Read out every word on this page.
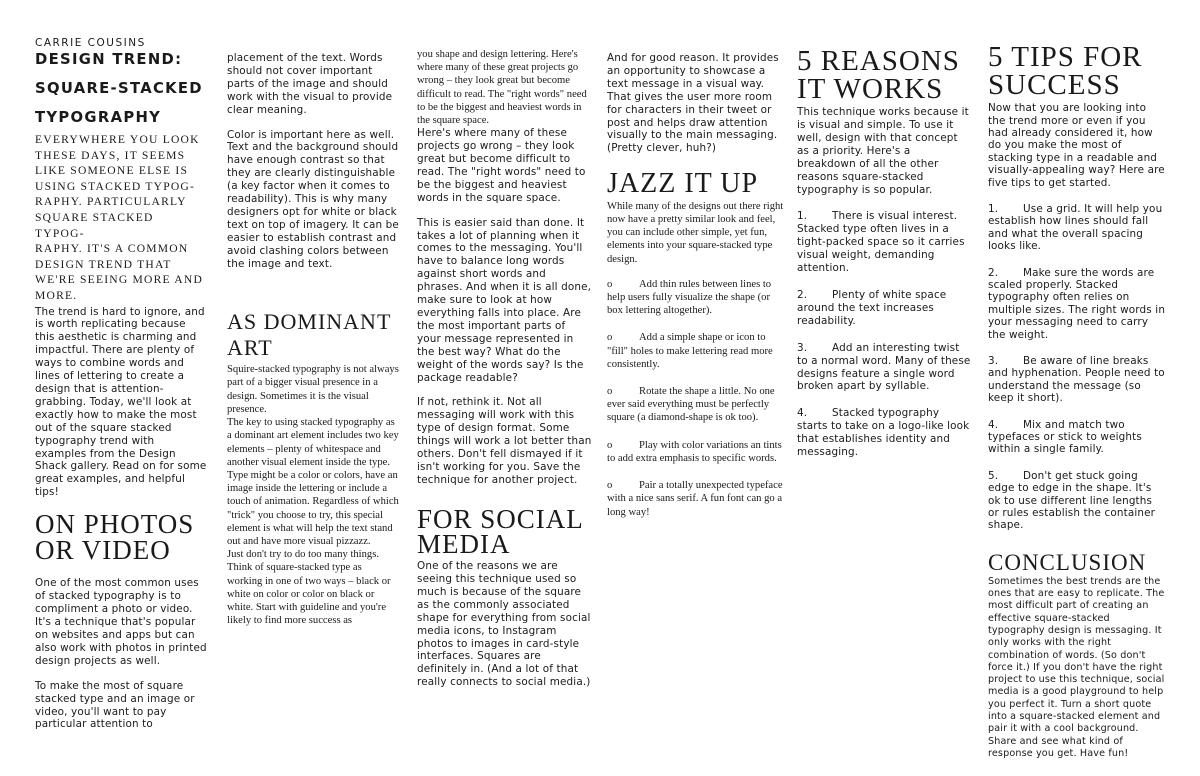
CARRIE COUSINS

DESIGN TREND:

SQUARE-STACKED

TYPOGRAPHY

EVERYWHERE YOU LOOK
THESE DAYS, IT SEEMS
LIKE SOMEONE ELSE IS
USING STACKED TYPOG-
RAPHY. PARTICULARLY
SQUARE STACKED TYPOG-
RAPHY. IT'S A COMMON
DESIGN TREND THAT
WE'RE SEEING MORE AND
MORE.

The trend is hard to ignore, and is worth replicating because this aesthetic is charming and impactful. There are plenty of ways to combine words and lines of lettering to create a design that is attention-grabbing. Today, we'll look at exactly how to make the most out of the square stacked typography trend with examples from the Design Shack gallery. Read on for some great examples, and helpful tips!

ON PHOTOS OR VIDEO

One of the most common uses of stacked typography is to compliment a photo or video. It's a technique that's popular on websites and apps but can also work with photos in printed design projects as well.

To make the most of square stacked type and an image or video, you'll want to pay particular attention to

placement of the text. Words should not cover important parts of the image and should work with the visual to provide clear meaning.

Color is important here as well. Text and the background should have enough contrast so that they are clearly distinguishable (a key factor when it comes to readability). This is why many designers opt for white or black text on top of imagery. It can be easier to establish contrast and avoid clashing colors between the image and text.

AS DOMINANT ART

Squire-stacked typography is not always part of a bigger visual presence in a design. Sometimes it is the visual presence.

The key to using stacked typography as a dominant art element includes two key elements – plenty of whitespace and another visual element inside the type. Type might be a color or colors, have an image inside the lettering or include a touch of animation. Regardless of which "trick" you choose to try, this special element is what will help the text stand out and have more visual pizzazz.

Just don't try to do too many things. Think of square-stacked type as working in one of two ways – black or white on color or color on black or white. Start with guideline and you're likely to find more success as

you shape and design lettering. Here's where many of these great projects go wrong – they look great but become difficult to read. The "right words" need to be the biggest and heaviest words in the square space.

Here's where many of these projects go wrong – they look great but become difficult to read. The "right words" need to be the biggest and heaviest words in the square space.

This is easier said than done. It takes a lot of planning when it comes to the messaging. You'll have to balance long words against short words and phrases. And when it is all done, make sure to look at how everything falls into place. Are the most important parts of your message represented in the best way? What do the weight of the words say? Is the package readable?

If not, rethink it. Not all messaging will work with this type of design format. Some things will work a lot better than others. Don't fell dismayed if it isn't working for you. Save the technique for another project.

FOR SOCIAL MEDIA

One of the reasons we are seeing this technique used so much is because of the square as the commonly associated shape for everything from social media icons, to Instagram photos to images in card-style interfaces. Squares are definitely in. (And a lot of that really connects to social media.)

And for good reason. It provides an opportunity to showcase a text message in a visual way. That gives the user more room for characters in their tweet or post and helps draw attention visually to the main messaging. (Pretty clever, huh?)

JAZZ IT UP

While many of the designs out there right now have a pretty similar look and feel, you can include other simple, yet fun, elements into your square-stacked type design.

o	Add thin rules between lines to help users fully visualize the shape (or box lettering altogether).

o	Add a simple shape or icon to "fill" holes to make lettering read more consistently.

o	Rotate the shape a little. No one ever said everything must be perfectly square (a diamond-shape is ok too).

o	Play with color variations an tints to add extra emphasis to specific words.

o	Pair a totally unexpected typeface with a nice sans serif. A fun font can go a long way!

5 REASONS IT WORKS

This technique works because it is visual and simple. To use it well, design with that concept as a priority. Here's a breakdown of all the other reasons square-stacked typography is so popular.

1. There is visual interest. Stacked type often lives in a tight-packed space so it carries visual weight, demanding attention.

2. Plenty of white space around the text increases readability.

3. Add an interesting twist to a normal word. Many of these designs feature a single word broken apart by syllable.

4. Stacked typography starts to take on a logo-like look that establishes identity and messaging.

5 TIPS FOR SUCCESS

Now that you are looking into the trend more or even if you had already considered it, how do you make the most of stacking type in a readable and visually-appealing way? Here are five tips to get started.

1. Use a grid. It will help you establish how lines should fall and what the overall spacing looks like.

2. Make sure the words are scaled properly. Stacked typography often relies on multiple sizes. The right words in your messaging need to carry the weight.

3. Be aware of line breaks and hyphenation. People need to understand the message (so keep it short).

4. Mix and match two typefaces or stick to weights within a single family.

5. Don't get stuck going edge to edge in the shape. It's ok to use different line lengths or rules establish the container shape.

CONCLUSION

Sometimes the best trends are the ones that are easy to replicate. The most difficult part of creating an effective square-stacked typography design is messaging. It only works with the right combination of words. (So don't force it.) If you don't have the right project to use this technique, social media is a good playground to help you perfect it. Turn a short quote into a square-stacked element and pair it with a cool background. Share and see what kind of response you get. Have fun!
